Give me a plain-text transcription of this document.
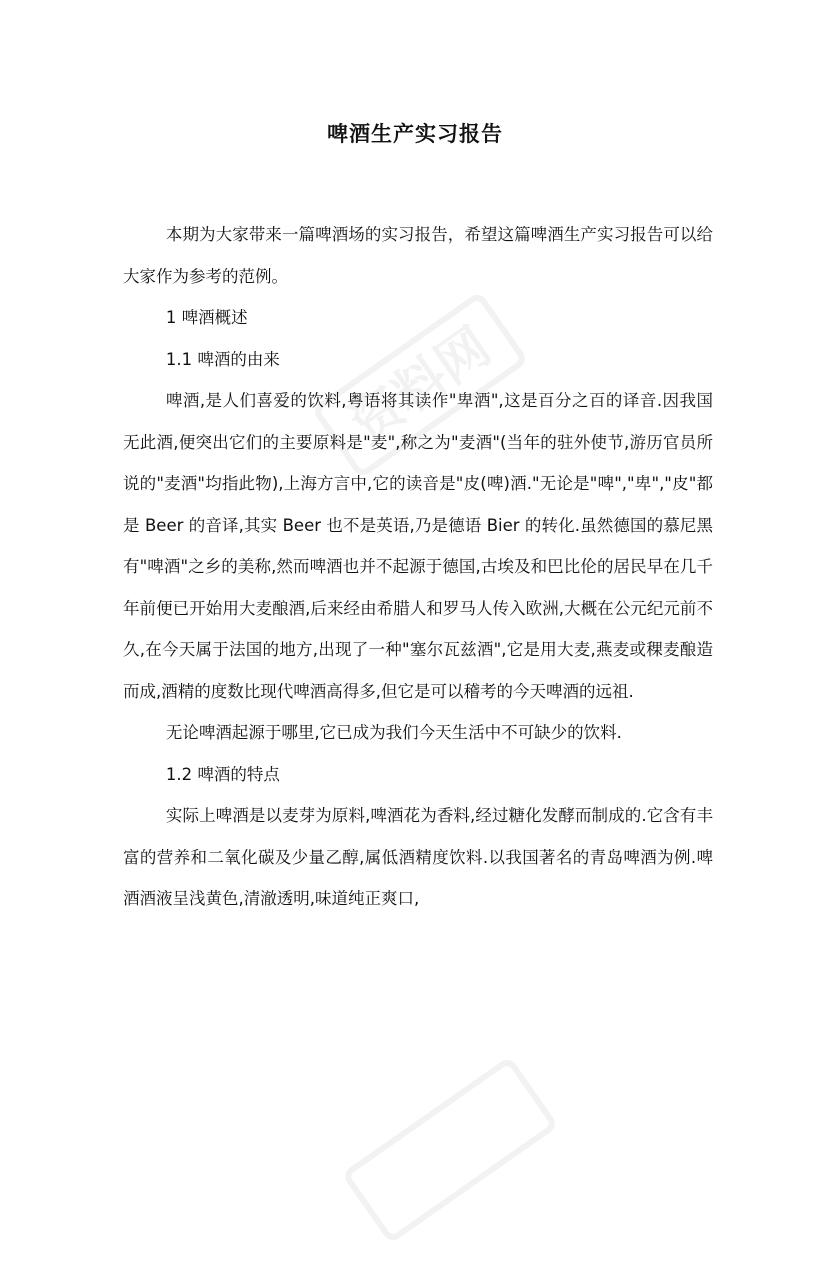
资料网
啤酒生产实习报告

本期为大家带来一篇啤酒场的实习报告，希望这篇啤酒生产实习报告可以给大家作为参考的范例。

1 啤酒概述

1.1 啤酒的由来

啤酒,是人们喜爱的饮料,粤语将其读作"卑酒",这是百分之百的译音.因我国无此酒,便突出它们的主要原料是"麦",称之为"麦酒"(当年的驻外使节,游历官员所说的"麦酒"均指此物),上海方言中,它的读音是"皮(啤)酒."无论是"啤","卑","皮"都是 Beer 的音译,其实 Beer 也不是英语,乃是德语 Bier 的转化.虽然德国的慕尼黑有"啤酒"之乡的美称,然而啤酒也并不起源于德国,古埃及和巴比伦的居民早在几千年前便已开始用大麦酿酒,后来经由希腊人和罗马人传入欧洲,大概在公元纪元前不久,在今天属于法国的地方,出现了一种"塞尔瓦兹酒",它是用大麦,燕麦或稞麦酿造而成,酒精的度数比现代啤酒高得多,但它是可以稽考的今天啤酒的远祖.

无论啤酒起源于哪里,它已成为我们今天生活中不可缺少的饮料.

1.2 啤酒的特点

实际上啤酒是以麦芽为原料,啤酒花为香料,经过糖化发酵而制成的.它含有丰富的营养和二氧化碳及少量乙醇,属低酒精度饮料.以我国著名的青岛啤酒为例.啤酒酒液呈浅黄色,清澈透明,味道纯正爽口,
